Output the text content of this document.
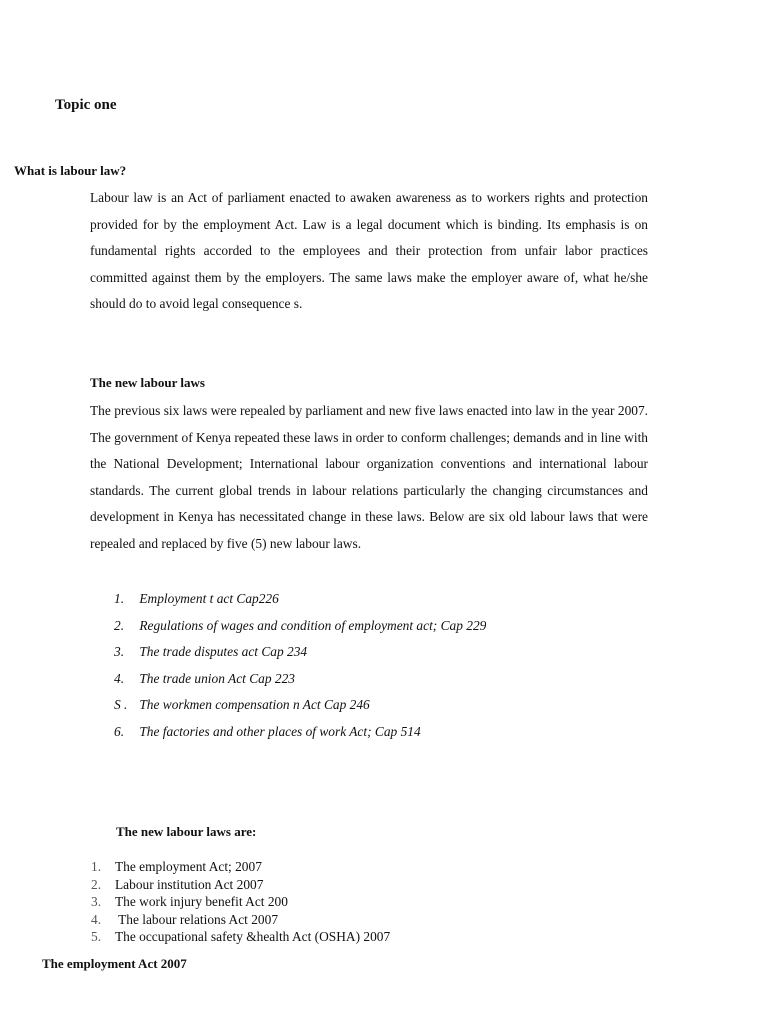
Topic one
What is labour law?
Labour law is an Act of parliament enacted to awaken awareness as to workers rights and protection provided for by the employment Act. Law is a legal document which is binding. Its emphasis is on fundamental rights accorded to the employees and their protection from unfair labor practices committed against them by the employers. The same laws make the employer aware of, what he/she should do to avoid legal consequence s.
The new labour laws
The previous six laws were repealed by parliament and new five laws enacted into law in the year 2007. The government of Kenya repeated these laws in order to conform challenges; demands and in line with the National Development; International labour organization conventions and international labour standards. The current global trends in labour relations particularly the changing circumstances and development in Kenya has necessitated change in these laws. Below are six old labour laws that were repealed and replaced by five (5) new labour laws.
1. Employment t act Cap226
2. Regulations of wages and condition of employment act; Cap 229
3. The trade disputes act Cap 234
4. The trade union Act Cap 223
S . The workmen compensation n Act Cap 246
6. The factories and other places of work Act; Cap 514
The new labour laws are:
1. The employment Act; 2007
2. Labour institution Act 2007
3. The work injury benefit Act 200
4. The labour relations Act 2007
5. The occupational safety &health Act (OSHA) 2007
The employment Act 2007
